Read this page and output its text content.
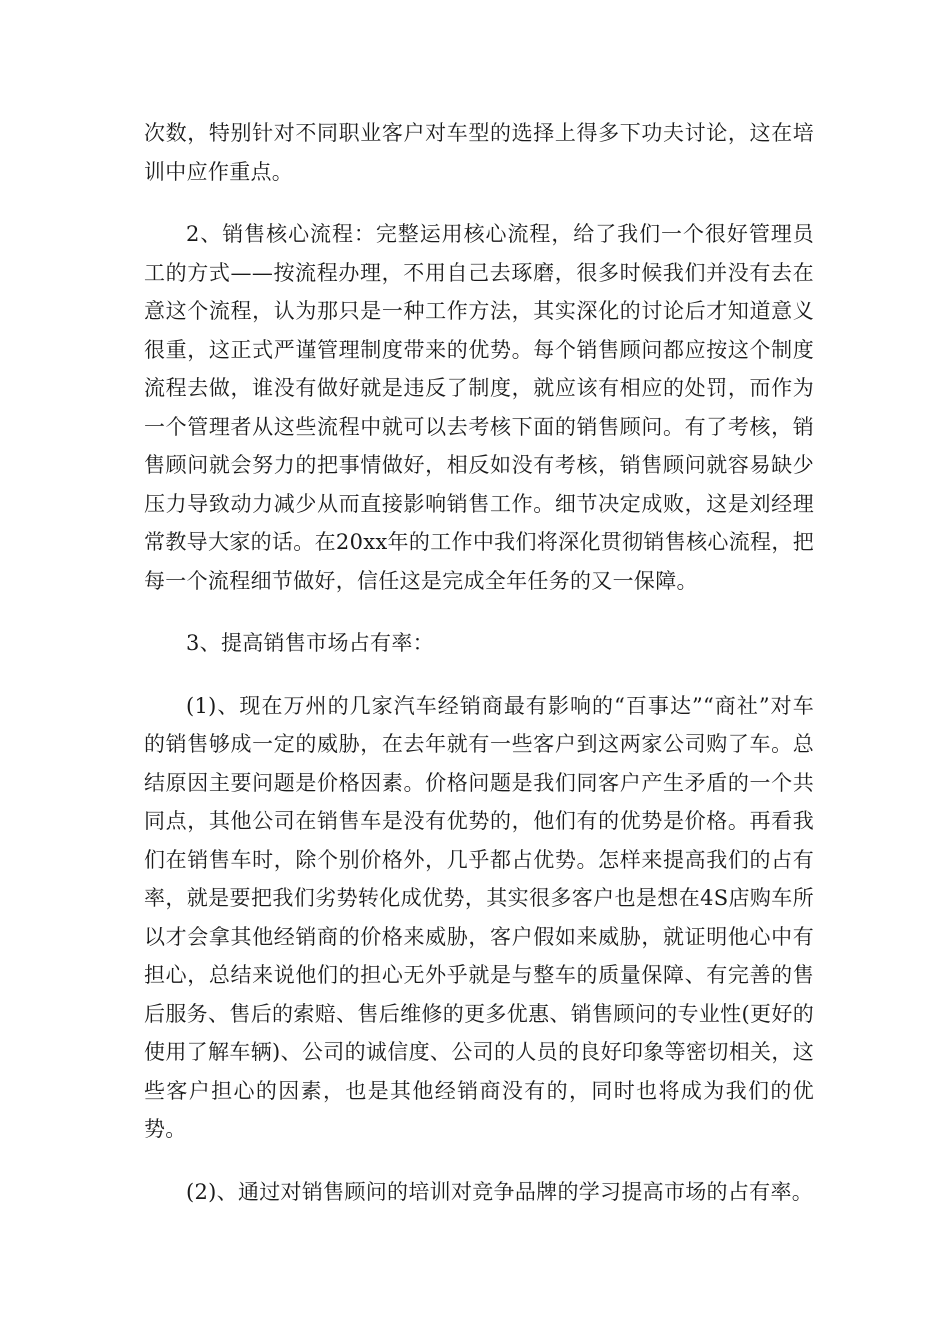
次数，特别针对不同职业客户对车型的选择上得多下功夫讨论，这在培训中应作重点。

2、销售核心流程：完整运用核心流程，给了我们一个很好管理员工的方式——按流程办理，不用自己去琢磨，很多时候我们并没有去在意这个流程，认为那只是一种工作方法，其实深化的讨论后才知道意义很重，这正式严谨管理制度带来的优势。每个销售顾问都应按这个制度流程去做，谁没有做好就是违反了制度，就应该有相应的处罚，而作为一个管理者从这些流程中就可以去考核下面的销售顾问。有了考核，销售顾问就会努力的把事情做好，相反如没有考核，销售顾问就容易缺少压力导致动力减少从而直接影响销售工作。细节决定成败，这是刘经理常教导大家的话。在20xx年的工作中我们将深化贯彻销售核心流程，把每一个流程细节做好，信任这是完成全年任务的又一保障。

3、提高销售市场占有率：

(1)、现在万州的几家汽车经销商最有影响的“百事达”“商社”对车的销售够成一定的威胁，在去年就有一些客户到这两家公司购了车。总结原因主要问题是价格因素。价格问题是我们同客户产生矛盾的一个共同点，其他公司在销售车是没有优势的，他们有的优势是价格。再看我们在销售车时，除个别价格外，几乎都占优势。怎样来提高我们的占有率，就是要把我们劣势转化成优势，其实很多客户也是想在4S店购车所以才会拿其他经销商的价格来威胁，客户假如来威胁，就证明他心中有担心，总结来说他们的担心无外乎就是与整车的质量保障、有完善的售后服务、售后的索赔、售后维修的更多优惠、销售顾问的专业性(更好的使用了解车辆)、公司的诚信度、公司的人员的良好印象等密切相关，这些客户担心的因素，也是其他经销商没有的，同时也将成为我们的优势。

(2)、通过对销售顾问的培训对竞争品牌的学习提高市场的占有率。
